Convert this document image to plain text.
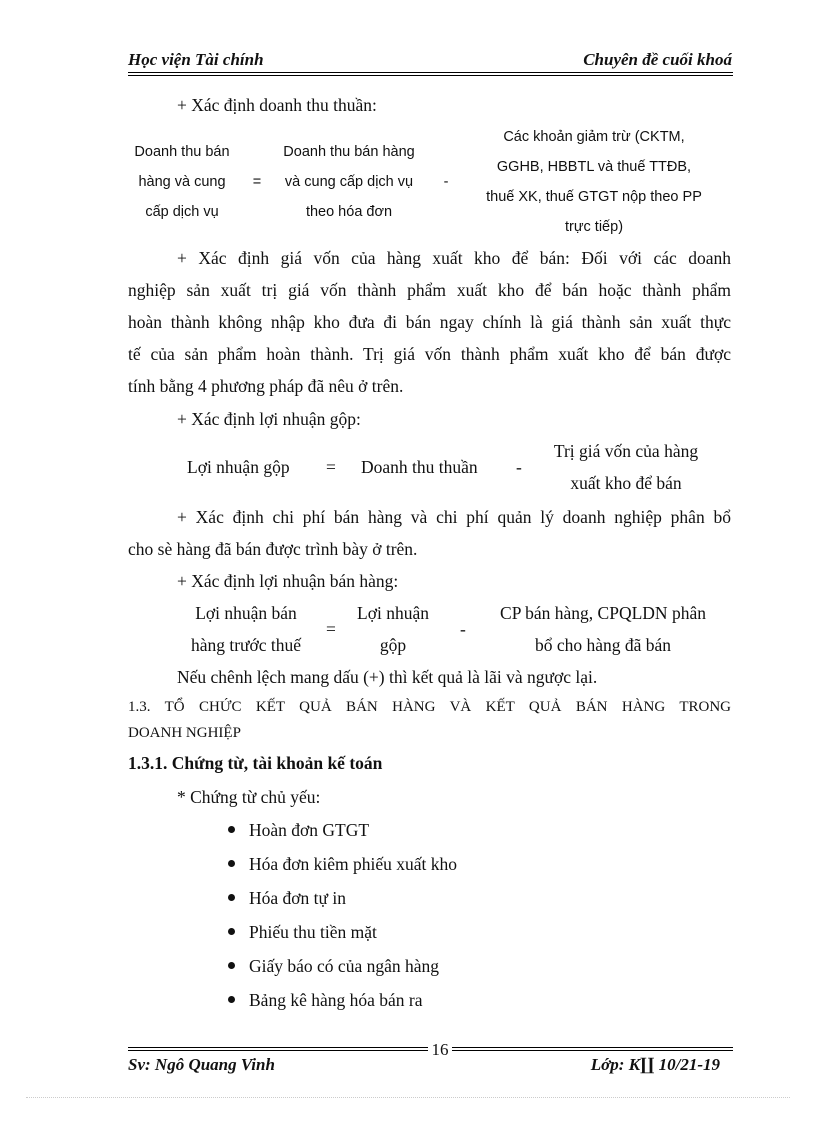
Học viện Tài chính	Chuyên đề cuối khoá
+ Xác định doanh thu thuần:
Doanh thu bán
hàng và cung
cấp dịch vụ
=
Doanh thu bán hàng
và cung cấp dịch vụ
theo hóa đơn
-
Các khoản giảm trừ (CKTM,
GGHB, HBBTL và thuế TTĐB,
thuế XK, thuế GTGT nộp theo PP
trực tiếp)
+ Xác định giá vốn của hàng xuất kho để bán: Đối với các doanh
nghiệp sản xuất trị giá vốn thành phẩm xuất kho để bán hoặc thành phẩm
hoàn thành không nhập kho đưa đi bán ngay chính là giá thành sản xuất thực
tế của sản phẩm hoàn thành. Trị giá vốn thành phẩm xuất kho để bán được
tính bằng 4 phương pháp đã nêu ở trên.
+ Xác định lợi nhuận gộp:
Lợi nhuận gộp = Doanh thu thuần -
Trị giá vốn của hàng
xuất kho để bán
+ Xác định chi phí bán hàng và chi phí quản lý doanh nghiệp phân bổ
cho sè hàng đã bán được trình bày ở trên.
+ Xác định lợi nhuận bán hàng:
Lợi nhuận bán
hàng trước thuế
=
Lợi nhuận
gộp
-
CP bán hàng, CPQLDN phân
bổ cho hàng đã bán
Nếu chênh lệch mang dấu (+) thì kết quả là lãi và ngược lại.
1.3. TỔ CHỨC KẾT QUẢ BÁN HÀNG VÀ KẾT QUẢ BÁN HÀNG TRONG
DOANH NGHIỆP
1.3.1. Chứng từ, tài khoản kế toán
* Chứng từ chủ yếu:
Hoàn đơn GTGT
Hóa đơn kiêm phiếu xuất kho
Hóa đơn tự in
Phiếu thu tiền mặt
Giấy báo có của ngân hàng
Bảng kê hàng hóa bán ra
16
Sv: Ngô Quang Vinh	Lớp: K∐ 10/21-19
